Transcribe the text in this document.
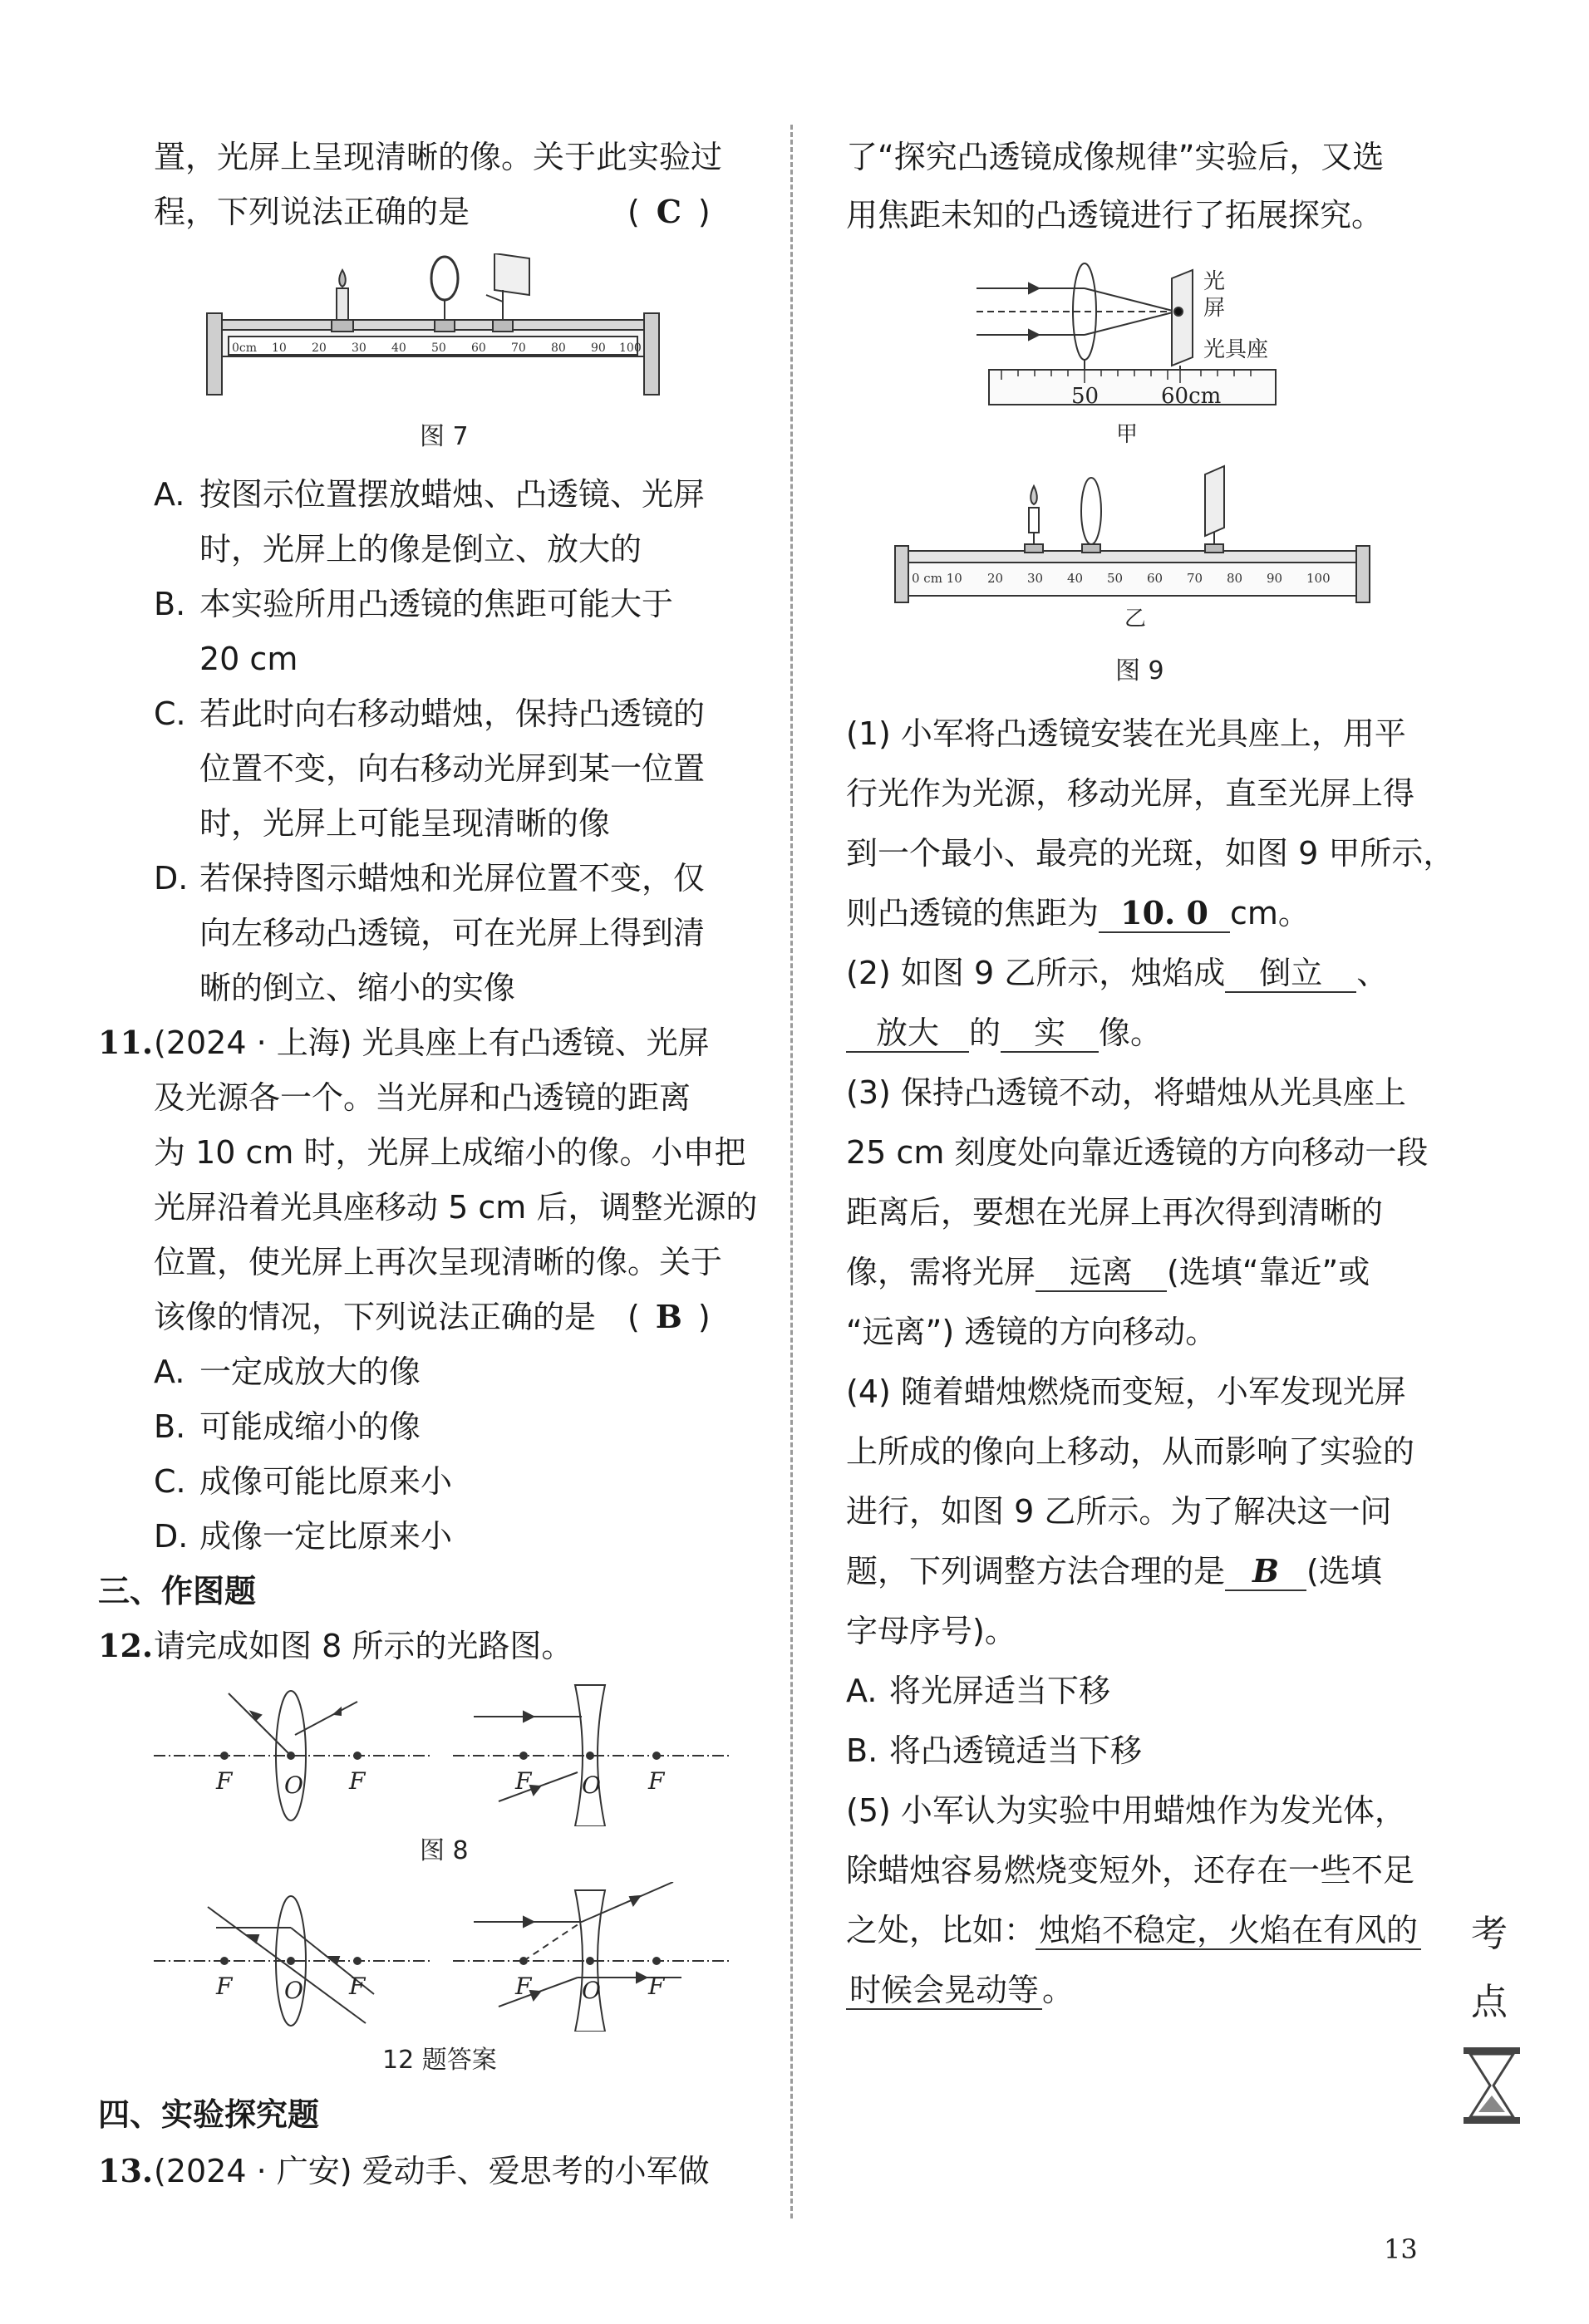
置，光屏上呈现清晰的像。关于此实验过
程，下列说法正确的是	( C )
0cm 10 20 30 40 50 60 70 80 90 100
图 7
A. 按图示位置摆放蜡烛、凸透镜、光屏
时，光屏上的像是倒立、放大的
B. 本实验所用凸透镜的焦距可能大于
20 cm
C. 若此时向右移动蜡烛，保持凸透镜的
位置不变，向右移动光屏到某一位置
时，光屏上可能呈现清晰的像
D. 若保持图示蜡烛和光屏位置不变，仅
向左移动凸透镜，可在光屏上得到清
晰的倒立、缩小的实像
11. (2024 · 上海) 光具座上有凸透镜、光屏
及光源各一个。当光屏和凸透镜的距离
为 10 cm 时，光屏上成缩小的像。小申把
光屏沿着光具座移动 5 cm 后，调整光源的
位置，使光屏上再次呈现清晰的像。关于
该像的情况，下列说法正确的是 ( B )
A. 一定成放大的像
B. 可能成缩小的像
C. 成像可能比原来小
D. 成像一定比原来小
三、作图题
12. 请完成如图 8 所示的光路图。
F O F	F O F
图 8
F O F	F O F
12 题答案
四、实验探究题
13. (2024 · 广安) 爱动手、爱思考的小军做
了“探究凸透镜成像规律”实验后，又选
用焦距未知的凸透镜进行了拓展探究。
50	60cm
光
屏
光具座
甲
0 cm 10 20 30 40 50 60 70 80 90 100
乙
图 9
(1) 小军将凸透镜安装在光具座上，用平
行光作为光源，移动光屏，直至光屏上得
到一个最小、最亮的光斑，如图 9 甲所示，
则凸透镜的焦距为 10. 0 cm。
(2) 如图 9 乙所示，烛焰成 倒立 、
放大 的 实 像。
(3) 保持凸透镜不动，将蜡烛从光具座上
25 cm 刻度处向靠近透镜的方向移动一段
距离后，要想在光屏上再次得到清晰的
像，需将光屏 远离 (选填“靠近”或
“远离”) 透镜的方向移动。
(4) 随着蜡烛燃烧而变短，小军发现光屏
上所成的像向上移动，从而影响了实验的
进行，如图 9 乙所示。为了解决这一问
题，下列调整方法合理的是 B (选填
字母序号)。
A. 将光屏适当下移
B. 将凸透镜适当下移
(5) 小军认为实验中用蜡烛作为发光体，
除蜡烛容易燃烧变短外，还存在一些不足
之处，比如： 烛焰不稳定，火焰在有风的
时候会晃动等 。
考
点
13
